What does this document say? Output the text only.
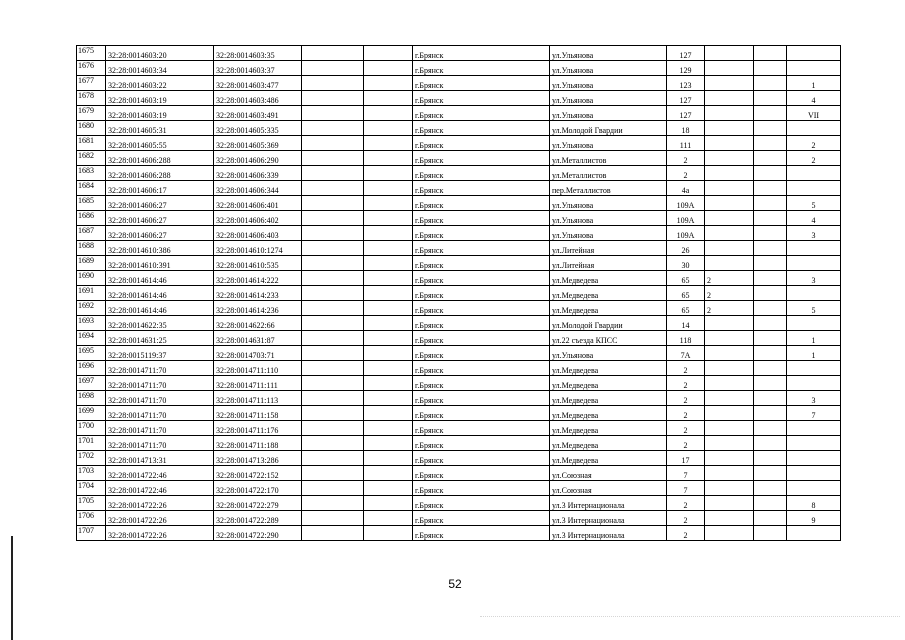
1675	32:28:0014603:20	32:28:0014603:35			г.Брянск	ул.Ульянова	127			
1676	32:28:0014603:34	32:28:0014603:37			г.Брянск	ул.Ульянова	129			
1677	32:28:0014603:22	32:28:0014603:477			г.Брянск	ул.Ульянова	123			1
1678	32:28:0014603:19	32:28:0014603:486			г.Брянск	ул.Ульянова	127			4
1679	32:28:0014603:19	32:28:0014603:491			г.Брянск	ул.Ульянова	127			VII
1680	32:28:0014605:31	32:28:0014605:335			г.Брянск	ул.Молодой Гвардии	18			
1681	32:28:0014605:55	32:28:0014605:369			г.Брянск	ул.Ульянова	111			2
1682	32:28:0014606:288	32:28:0014606:290			г.Брянск	ул.Металлистов	2			2
1683	32:28:0014606:288	32:28:0014606:339			г.Брянск	ул.Металлистов	2			
1684	32:28:0014606:17	32:28:0014606:344			г.Брянск	пер.Металлистов	4а			
1685	32:28:0014606:27	32:28:0014606:401			г.Брянск	ул.Ульянова	109А			5
1686	32:28:0014606:27	32:28:0014606:402			г.Брянск	ул.Ульянова	109А			4
1687	32:28:0014606:27	32:28:0014606:403			г.Брянск	ул.Ульянова	109А			3
1688	32:28:0014610:386	32:28:0014610:1274			г.Брянск	ул.Литейная	26			
1689	32:28:0014610:391	32:28:0014610:535			г.Брянск	ул.Литейная	30			
1690	32:28:0014614:46	32:28:0014614:222			г.Брянск	ул.Медведева	65	2		3
1691	32:28:0014614:46	32:28:0014614:233			г.Брянск	ул.Медведева	65	2		
1692	32:28:0014614:46	32:28:0014614:236			г.Брянск	ул.Медведева	65	2		5
1693	32:28:0014622:35	32:28:0014622:66			г.Брянск	ул.Молодой Гвардии	14			
1694	32:28:0014631:25	32:28:0014631:87			г.Брянск	ул.22 съезда КПСС	118			1
1695	32:28:0015119:37	32:28:0014703:71			г.Брянск	ул.Ульянова	7А			1
1696	32:28:0014711:70	32:28:0014711:110			г.Брянск	ул.Медведева	2			
1697	32:28:0014711:70	32:28:0014711:111			г.Брянск	ул.Медведева	2			
1698	32:28:0014711:70	32:28:0014711:113			г.Брянск	ул.Медведева	2			3
1699	32:28:0014711:70	32:28:0014711:158			г.Брянск	ул.Медведева	2			7
1700	32:28:0014711:70	32:28:0014711:176			г.Брянск	ул.Медведева	2			
1701	32:28:0014711:70	32:28:0014711:188			г.Брянск	ул.Медведева	2			
1702	32:28:0014713:31	32:28:0014713:286			г.Брянск	ул.Медведева	17			
1703	32:28:0014722:46	32:28:0014722:152			г.Брянск	ул.Союзная	7			
1704	32:28:0014722:46	32:28:0014722:170			г.Брянск	ул.Союзная	7			
1705	32:28:0014722:26	32:28:0014722:279			г.Брянск	ул.3 Интернационала	2			8
1706	32:28:0014722:26	32:28:0014722:289			г.Брянск	ул.3 Интернационала	2			9
1707	32:28:0014722:26	32:28:0014722:290			г.Брянск	ул.3 Интернационала	2			
52
